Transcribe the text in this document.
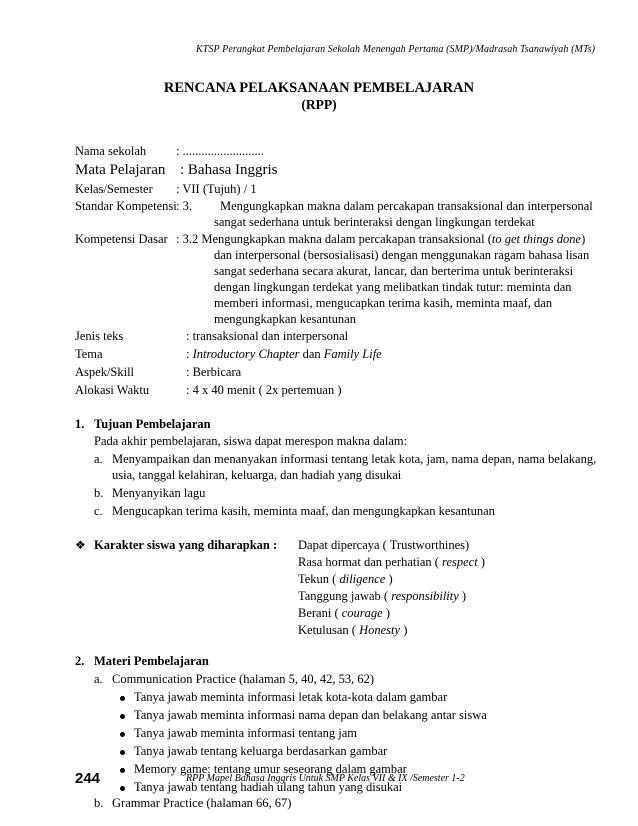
KTSP Perangkat Pembelajaran Sekolah Menengah Pertama (SMP)/Madrasah Tsanawiyah (MTs)
RENCANA PELAKSANAAN PEMBELAJARAN
(RPP)
Nama sekolah : ..........................
Mata Pelajaran : Bahasa Inggris
Kelas/Semester : VII (Tujuh) / 1
Standar Kompetensi : 3. Mengungkapkan makna dalam percakapan transaksional dan interpersonal
sangat sederhana untuk berinteraksi dengan lingkungan terdekat
Kompetensi Dasar : 3.2 Mengungkapkan makna dalam percakapan transaksional (to get things done)
dan interpersonal (bersosialisasi) dengan menggunakan ragam bahasa lisan
sangat sederhana secara akurat, lancar, dan berterima untuk berinteraksi
dengan lingkungan terdekat yang melibatkan tindak tutur: meminta dan
memberi informasi, mengucapkan terima kasih, meminta maaf, dan
mengungkapkan kesantunan
Jenis teks	: transaksional dan interpersonal
Tema	: Introductory Chapter dan Family Life
Aspek/Skill	: Berbicara
Alokasi Waktu	: 4 x 40 menit ( 2x pertemuan )
1. Tujuan Pembelajaran
Pada akhir pembelajaran, siswa dapat merespon makna dalam:
a. Menyampaikan dan menanyakan informasi tentang letak kota, jam, nama depan, nama belakang,
usia, tanggal kelahiran, keluarga, dan hadiah yang disukai
b. Menyanyikan lagu
c. Mengucapkan terima kasih, meminta maaf, dan mengungkapkan kesantunan
❖ Karakter siswa yang diharapkan : Dapat dipercaya ( Trustworthines)
Rasa hormat dan perhatian ( respect )
Tekun ( diligence )
Tanggung jawab ( responsibility )
Berani ( courage )
Ketulusan ( Honesty )
2. Materi Pembelajaran
a. Communication Practice (halaman 5, 40, 42, 53, 62)
Tanya jawab meminta informasi letak kota-kota dalam gambar
Tanya jawab meminta informasi nama depan dan belakang antar siswa
Tanya jawab meminta informasi tentang jam
Tanya jawab tentang keluarga berdasarkan gambar
Memory game: tentang umur seseorang dalam gambar
Tanya jawab tentang hadiah ulang tahun yang disukai
b. Grammar Practice (halaman 66, 67)
244	RPP Mapel Bahasa Inggris Untuk SMP Kelas VII & IX /Semester 1-2
